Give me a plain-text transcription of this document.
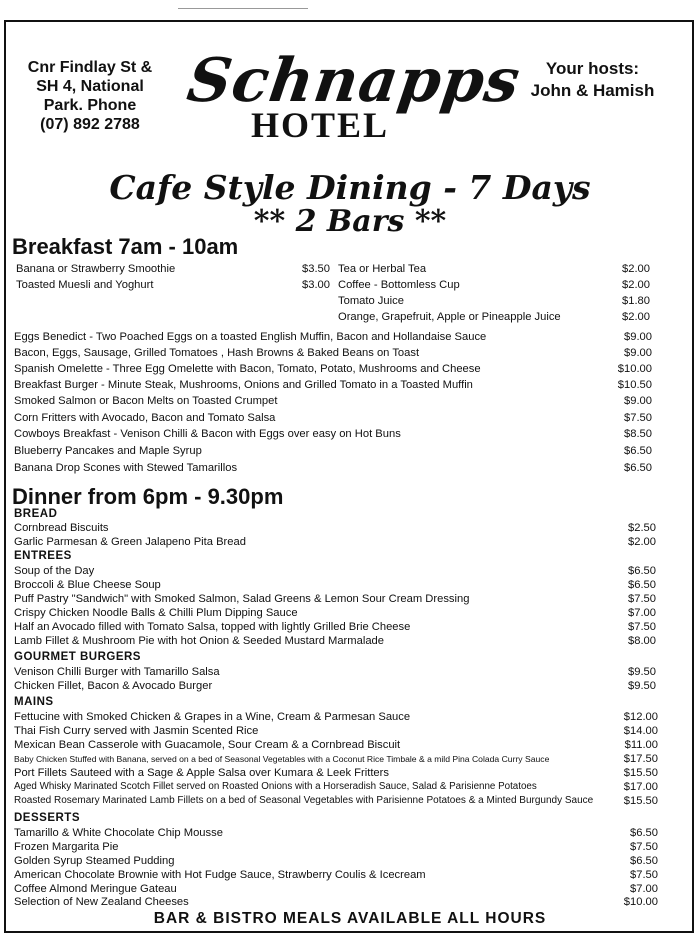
Cnr Findlay St &
SH 4, National
Park. Phone
(07) 892 2788
Schnapps
HOTEL
Your hosts:
John & Hamish
Cafe Style Dining - 7 Days
** 2 Bars **
Breakfast 7am - 10am
Banana or Strawberry Smoothie	$3.50
Toasted Muesli and Yoghurt	$3.00
Tea or Herbal Tea	$2.00
Coffee - Bottomless Cup	$2.00
Tomato Juice	$1.80
Orange, Grapefruit, Apple or Pineapple Juice	$2.00
Eggs Benedict - Two Poached Eggs on a toasted English Muffin, Bacon and Hollandaise Sauce	$9.00
Bacon, Eggs, Sausage, Grilled Tomatoes , Hash Browns & Baked Beans on Toast	$9.00
Spanish Omelette - Three Egg Omelette with Bacon, Tomato, Potato, Mushrooms and Cheese	$10.00
Breakfast Burger - Minute Steak, Mushrooms, Onions and Grilled Tomato in a Toasted Muffin	$10.50
Smoked Salmon or Bacon Melts on Toasted Crumpet	$9.00
Corn Fritters with Avocado, Bacon and Tomato Salsa	$7.50
Cowboys Breakfast - Venison Chilli & Bacon with Eggs over easy on Hot Buns	$8.50
Blueberry Pancakes and Maple Syrup	$6.50
Banana Drop Scones with Stewed Tamarillos	$6.50
Dinner from 6pm - 9.30pm
BREAD
Cornbread Biscuits	$2.50
Garlic Parmesan & Green Jalapeno Pita Bread	$2.00
ENTREES
Soup of the Day	$6.50
Broccoli & Blue Cheese Soup	$6.50
Puff Pastry "Sandwich" with Smoked Salmon, Salad Greens & Lemon Sour Cream Dressing	$7.50
Crispy Chicken Noodle Balls & Chilli Plum Dipping Sauce	$7.00
Half an Avocado filled with Tomato Salsa, topped with lightly Grilled Brie Cheese	$7.50
Lamb Fillet & Mushroom Pie with hot Onion & Seeded Mustard Marmalade	$8.00
GOURMET BURGERS
Venison Chilli Burger with Tamarillo Salsa	$9.50
Chicken Fillet, Bacon & Avocado Burger	$9.50
MAINS
Fettucine with Smoked Chicken & Grapes in a Wine, Cream & Parmesan Sauce	$12.00
Thai Fish Curry served with Jasmin Scented Rice	$14.00
Mexican Bean Casserole with Guacamole, Sour Cream & a Cornbread Biscuit	$11.00
Baby Chicken Stuffed with Banana, served on a bed of Seasonal Vegetables with a Coconut Rice Timbale & a mild Pina Colada Curry Sauce	$17.50
Port Fillets Sauteed with a Sage & Apple Salsa over Kumara & Leek Fritters	$15.50
Aged Whisky Marinated Scotch Fillet served on Roasted Onions with a Horseradish Sauce, Salad & Parisienne Potatoes	$17.00
Roasted Rosemary Marinated Lamb Fillets on a bed of Seasonal Vegetables with Parisienne Potatoes & a Minted Burgundy Sauce	$15.50
DESSERTS
Tamarillo & White Chocolate Chip Mousse	$6.50
Frozen Margarita Pie	$7.50
Golden Syrup Steamed Pudding	$6.50
American Chocolate Brownie with Hot Fudge Sauce, Strawberry Coulis & Icecream	$7.50
Coffee Almond Meringue Gateau	$7.00
Selection of New Zealand Cheeses	$10.00
BAR & BISTRO MEALS AVAILABLE ALL HOURS
